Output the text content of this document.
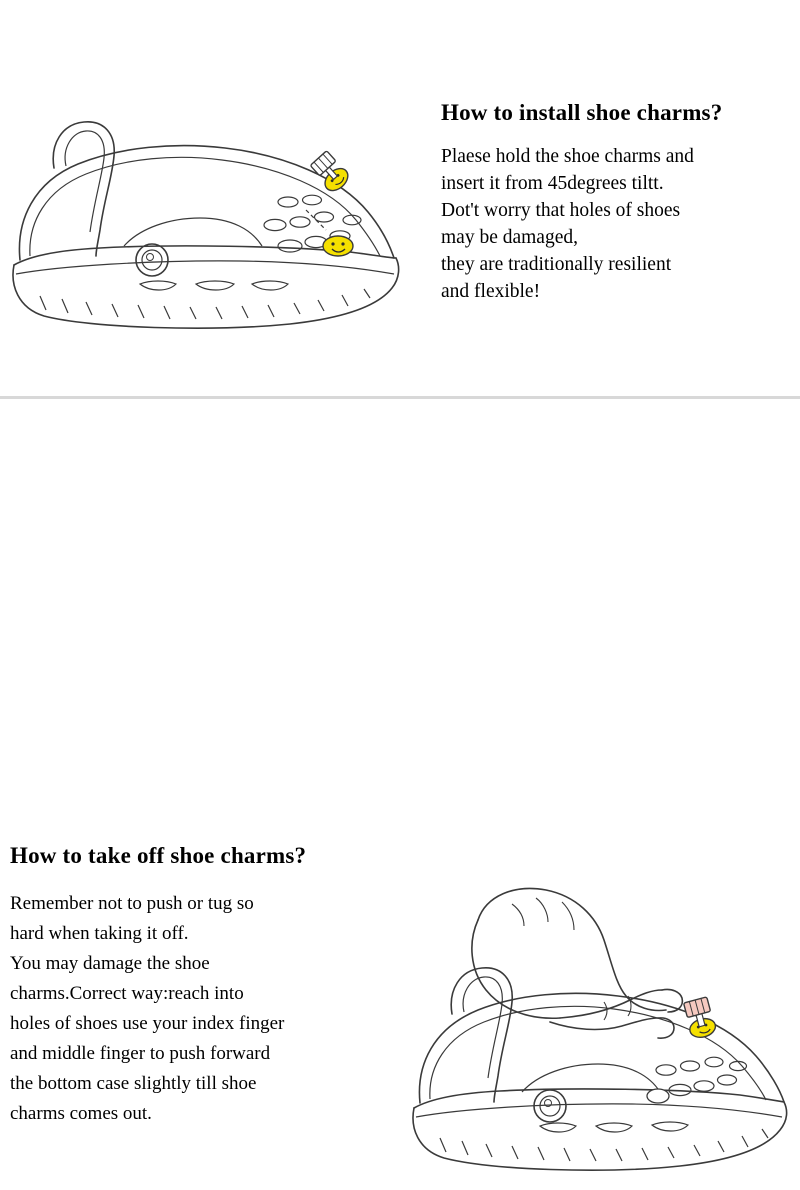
How to install shoe charms?
Plaese hold the shoe charms and
insert it from 45degrees tiltt.
Dot't worry that holes of shoes
may be damaged,
they are traditionally resilient
and flexible!
How to take off shoe charms?
Remember not to push or tug so
hard when taking it off.
You may damage the shoe
charms.Correct way:reach into
holes of shoes use your index finger
and middle finger to push forward
the bottom case slightly till shoe
charms comes out.
